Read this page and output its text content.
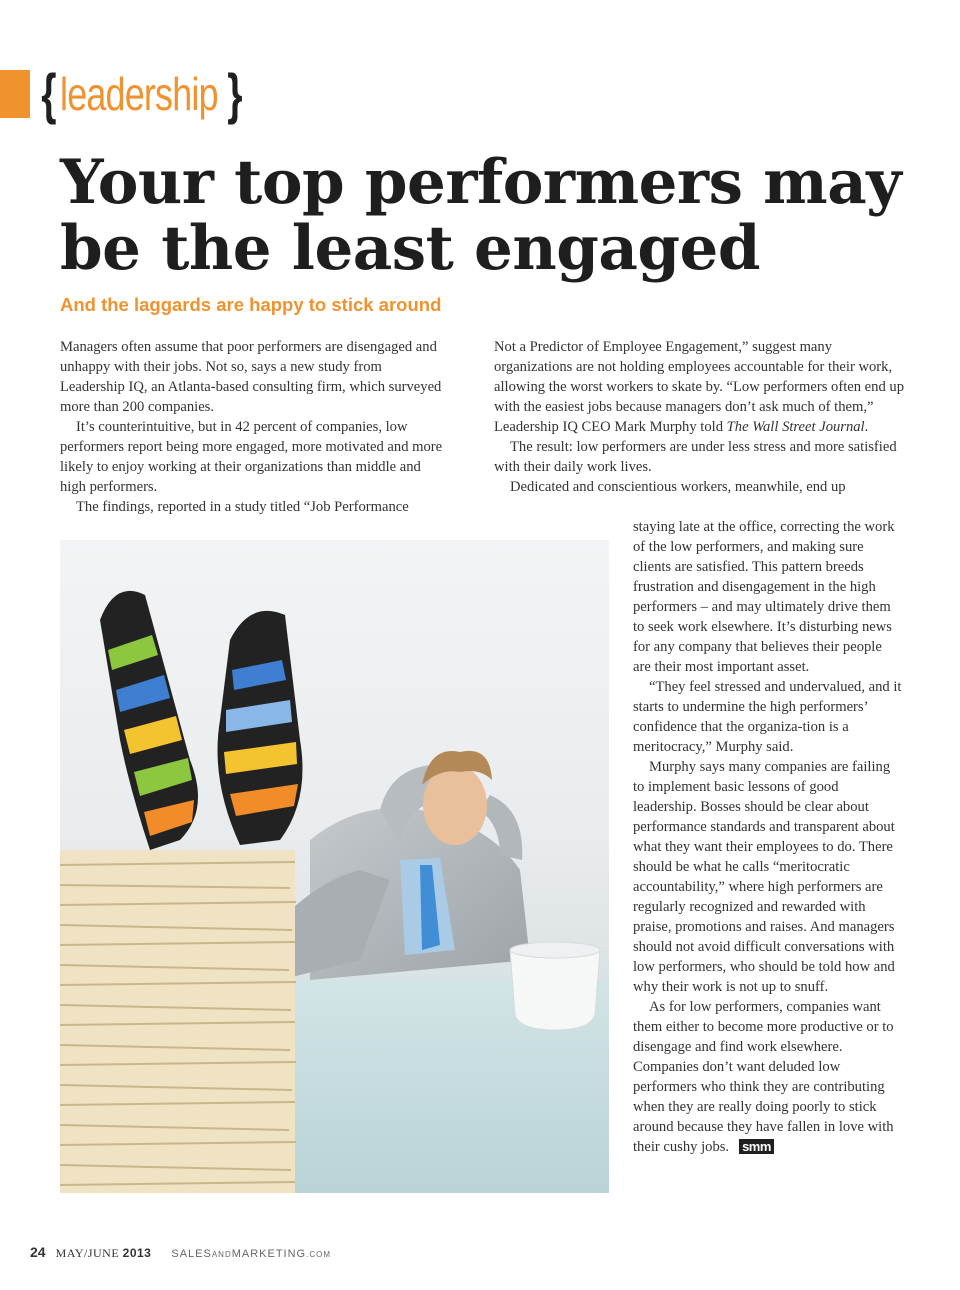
{ leadership }
Your top performers may be the least engaged
And the laggards are happy to stick around

Managers often assume that poor performers are disengaged and unhappy with their jobs. Not so, says a new study from Leadership IQ, an Atlanta-based consulting firm, which surveyed more than 200 companies.

It’s counterintuitive, but in 42 percent of companies, low performers report being more engaged, more motivated and more likely to enjoy working at their organizations than middle and high performers.

The findings, reported in a study titled “Job Performance

Not a Predictor of Employee Engagement,” suggest many organizations are not holding employees accountable for their work, allowing the worst workers to skate by. “Low performers often end up with the easiest jobs because managers don’t ask much of them,” Leadership IQ CEO Mark Murphy told The Wall Street Journal.

The result: low performers are under less stress and more satisfied with their daily work lives.

Dedicated and conscientious workers, meanwhile, end up

staying late at the office, correcting the work of the low performers, and making sure clients are satisfied. This pattern breeds frustration and disengagement in the high performers – and may ultimately drive them to seek work elsewhere. It’s disturbing news for any company that believes their people are their most important asset.

“They feel stressed and undervalued, and it starts to undermine the high performers’ confidence that the organiza-tion is a meritocracy,” Murphy said.

Murphy says many companies are failing to implement basic lessons of good leadership. Bosses should be clear about performance standards and transparent about what they want their employees to do. There should be what he calls “meritocratic accountability,” where high performers are regularly recognized and rewarded with praise, promotions and raises. And managers should not avoid difficult conversations with low performers, who should be told how and why their work is not up to snuff.

As for low performers, companies want them either to become more productive or to disengage and find work elsewhere. Companies don’t want deluded low performers who think they are contributing when they are really doing poorly to stick around because they have fallen in love with their cushy jobs. smm

24 MAY/JUNE 2013 SALESANDMARKETING.COM
